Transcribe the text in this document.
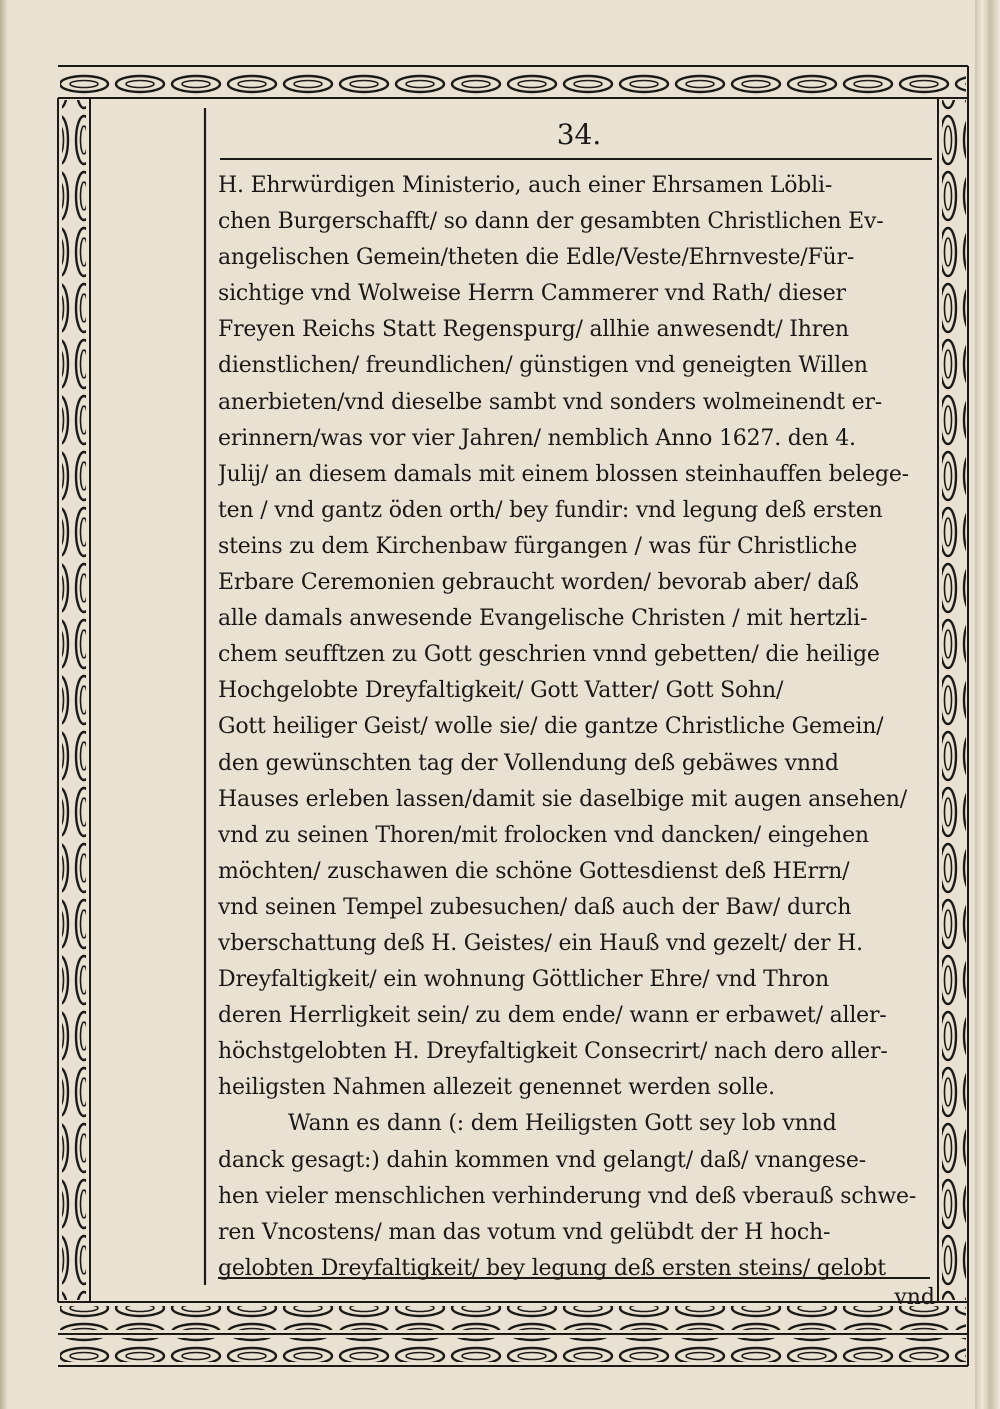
34.
H. Ehrwürdigen Ministerio, auch einer Ehrsamen Löbli-
chen Burgerschafft/ so dann der gesambten Christlichen Ev-
angelischen Gemein/theten die Edle/Veste/Ehrnveste/Für-
sichtige vnd Wolweise Herrn Cammerer vnd Rath/ dieser
Freyen Reichs Statt Regenspurg/ allhie anwesendt/ Ihren
dienstlichen/ freundlichen/ günstigen vnd geneigten Willen
anerbieten/vnd dieselbe sambt vnd sonders wolmeinendt er-
erinnern/was vor vier Jahren/ nemblich Anno 1627. den 4.
Julij/ an diesem damals mit einem blossen steinhauffen belege-
ten / vnd gantz öden orth/ bey fundir: vnd legung deß ersten
steins zu dem Kirchenbaw fürgangen / was für Christliche
Erbare Ceremonien gebraucht worden/ bevorab aber/ daß
alle damals anwesende Evangelische Christen / mit hertzli-
chem seufftzen zu Gott geschrien vnnd gebetten/ die heilige
Hochgelobte Dreyfaltigkeit/ Gott Vatter/ Gott Sohn/
Gott heiliger Geist/ wolle sie/ die gantze Christliche Gemein/
den gewünschten tag der Vollendung deß gebäwes vnnd
Hauses erleben lassen/damit sie daselbige mit augen ansehen/
vnd zu seinen Thoren/mit frolocken vnd dancken/ eingehen
möchten/ zuschawen die schöne Gottesdienst deß HErrn/
vnd seinen Tempel zubesuchen/ daß auch der Baw/ durch
vberschattung deß H. Geistes/ ein Hauß vnd gezelt/ der H.
Dreyfaltigkeit/ ein wohnung Göttlicher Ehre/ vnd Thron
deren Herrligkeit sein/ zu dem ende/ wann er erbawet/ aller-
höchstgelobten H. Dreyfaltigkeit Consecrirt/ nach dero aller-
heiligsten Nahmen allezeit genennet werden solle.
Wann es dann (: dem Heiligsten Gott sey lob vnnd
danck gesagt:) dahin kommen vnd gelangt/ daß/ vnangese-
hen vieler menschlichen verhinderung vnd deß vberauß schwe-
ren Vncostens/ man das votum vnd gelübdt der H hoch-
gelobten Dreyfaltigkeit/ bey legung deß ersten steins/ gelobt
vnd
